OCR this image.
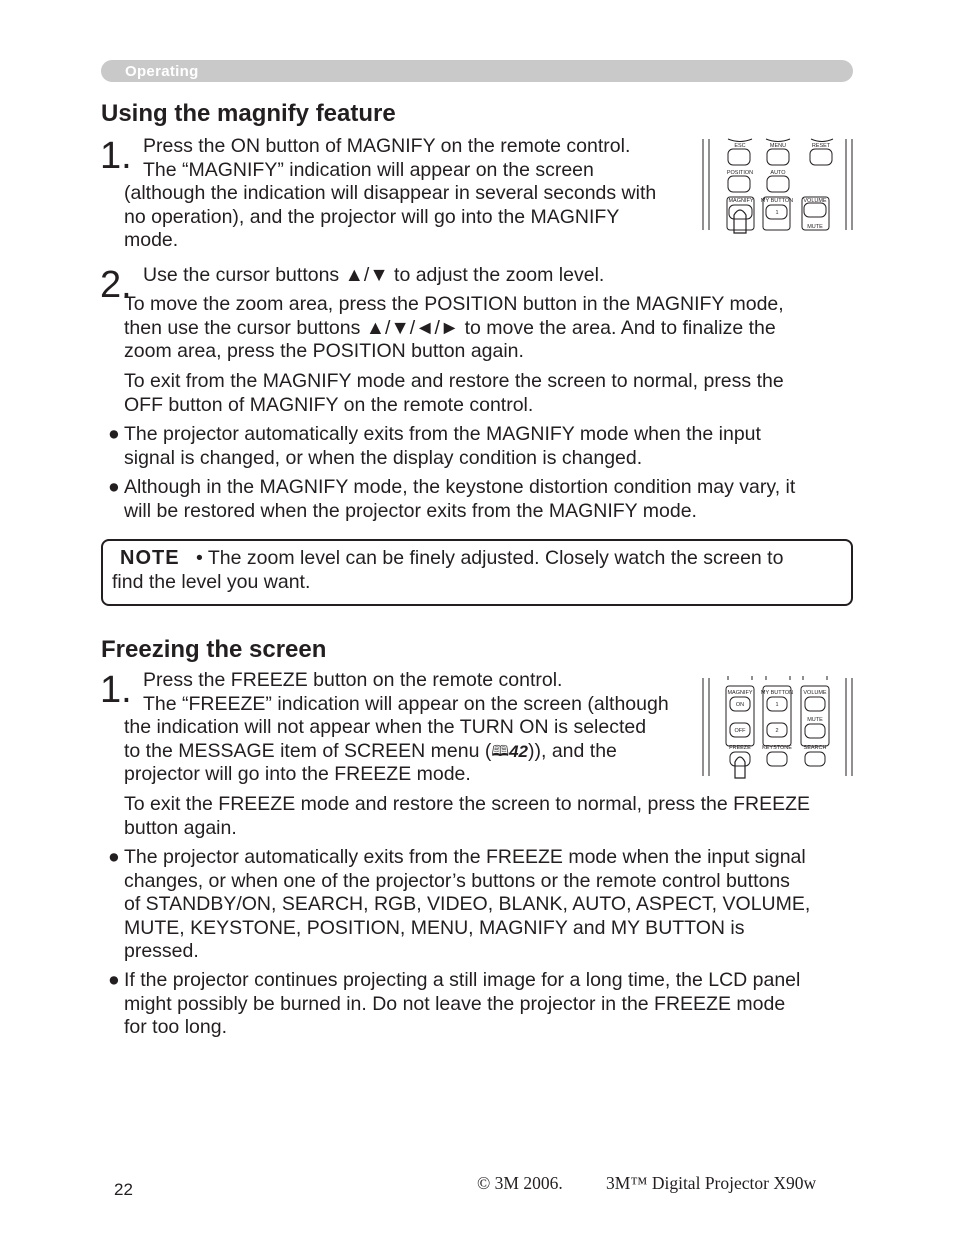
Operating
Using the magnify feature
1. Press the ON button of MAGNIFY on the remote control.
The “MAGNIFY” indication will appear on the screen
(although the indication will disappear in several seconds with
no operation), and the projector will go into the MAGNIFY
mode.
ESC	MENU	RESET
POSITION	AUTO
MAGNIFY MY BUTTON VOLUME
1
MUTE
2. Use the cursor buttons ▲/▼ to adjust the zoom level.
To move the zoom area, press the POSITION button in the MAGNIFY mode,
then use the cursor buttons ▲/▼/◄/► to move the area. And to finalize the
zoom area, press the POSITION button again.
To exit from the MAGNIFY mode and restore the screen to normal, press the
OFF button of MAGNIFY on the remote control.
● The projector automatically exits from the MAGNIFY mode when the input
signal is changed, or when the display condition is changed.
● Although in the MAGNIFY mode, the keystone distortion condition may vary, it
will be restored when the projector exits from the MAGNIFY mode.
NOTE • The zoom level can be finely adjusted. Closely watch the screen to
find the level you want.
Freezing the screen
1. Press the FREEZE button on the remote control.
The “FREEZE” indication will appear on the screen (although
the indication will not appear when the TURN ON is selected
to the MESSAGE item of SCREEN menu (🕮42)), and the
projector will go into the FREEZE mode.
MAGNIFY MY BUTTON VOLUME
ON
OFF
1
2
MUTE
FREEZE KEYSTONE SEARCH
To exit the FREEZE mode and restore the screen to normal, press the FREEZE
button again.
● The projector automatically exits from the FREEZE mode when the input signal
changes, or when one of the projector’s buttons or the remote control buttons
of STANDBY/ON, SEARCH, RGB, VIDEO, BLANK, AUTO, ASPECT, VOLUME,
MUTE, KEYSTONE, POSITION, MENU, MAGNIFY and MY BUTTON is
pressed.
● If the projector continues projecting a still image for a long time, the LCD panel
might possibly be burned in. Do not leave the projector in the FREEZE mode
for too long.
22	© 3M 2006. 3M™ Digital Projector X90w
